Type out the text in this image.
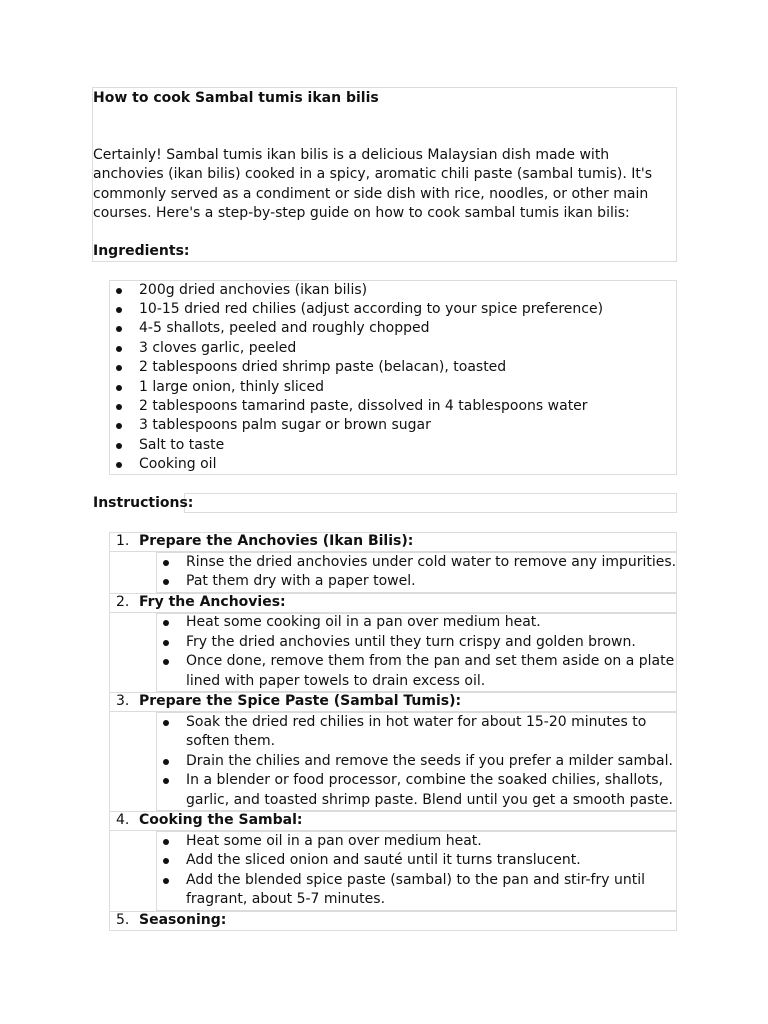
How to cook Sambal tumis ikan bilis
Certainly! Sambal tumis ikan bilis is a delicious Malaysian dish made with anchovies (ikan bilis) cooked in a spicy, aromatic chili paste (sambal tumis). It's commonly served as a condiment or side dish with rice, noodles, or other main courses. Here's a step-by-step guide on how to cook sambal tumis ikan bilis:
Ingredients:
200g dried anchovies (ikan bilis)
10-15 dried red chilies (adjust according to your spice preference)
4-5 shallots, peeled and roughly chopped
3 cloves garlic, peeled
2 tablespoons dried shrimp paste (belacan), toasted
1 large onion, thinly sliced
2 tablespoons tamarind paste, dissolved in 4 tablespoons water
3 tablespoons palm sugar or brown sugar
Salt to taste
Cooking oil
Instructions:
1. Prepare the Anchovies (Ikan Bilis):
Rinse the dried anchovies under cold water to remove any impurities.
Pat them dry with a paper towel.
2. Fry the Anchovies:
Heat some cooking oil in a pan over medium heat.
Fry the dried anchovies until they turn crispy and golden brown.
Once done, remove them from the pan and set them aside on a plate
lined with paper towels to drain excess oil.
3. Prepare the Spice Paste (Sambal Tumis):
Soak the dried red chilies in hot water for about 15-20 minutes to
soften them.
Drain the chilies and remove the seeds if you prefer a milder sambal.
In a blender or food processor, combine the soaked chilies, shallots,
garlic, and toasted shrimp paste. Blend until you get a smooth paste.
4. Cooking the Sambal:
Heat some oil in a pan over medium heat.
Add the sliced onion and sauté until it turns translucent.
Add the blended spice paste (sambal) to the pan and stir-fry until
fragrant, about 5-7 minutes.
5. Seasoning:
